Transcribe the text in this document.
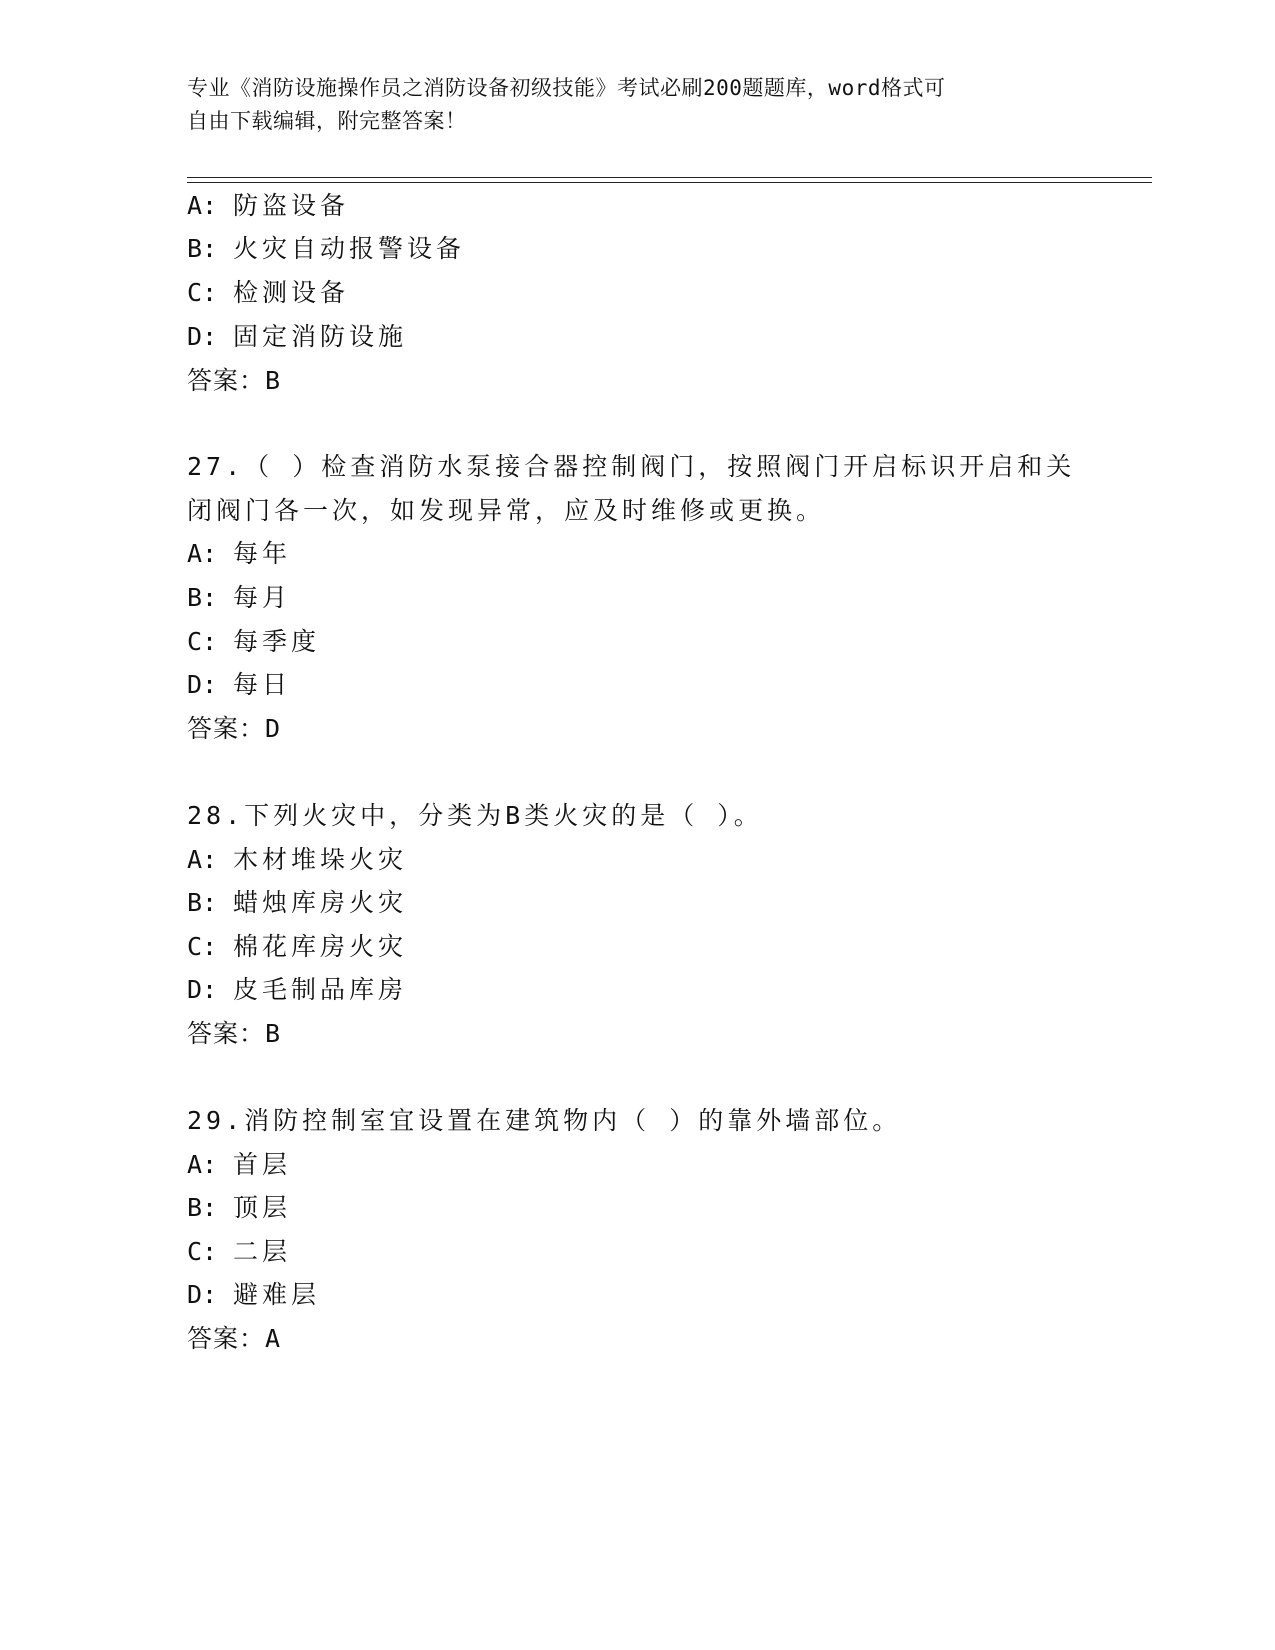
专业《消防设施操作员之消防设备初级技能》考试必刷200题题库，word格式可
自由下载编辑，附完整答案！
A: 防盗设备
B: 火灾自动报警设备
C: 检测设备
D: 固定消防设施
答案：B
27.（ ）检查消防水泵接合器控制阀门，按照阀门开启标识开启和关
闭阀门各一次，如发现异常，应及时维修或更换。
A: 每年
B: 每月
C: 每季度
D: 每日
答案：D
28.下列火灾中，分类为B类火灾的是（ ）。
A: 木材堆垛火灾
B: 蜡烛库房火灾
C: 棉花库房火灾
D: 皮毛制品库房
答案：B
29.消防控制室宜设置在建筑物内（ ）的靠外墙部位。
A: 首层
B: 顶层
C: 二层
D: 避难层
答案：A
